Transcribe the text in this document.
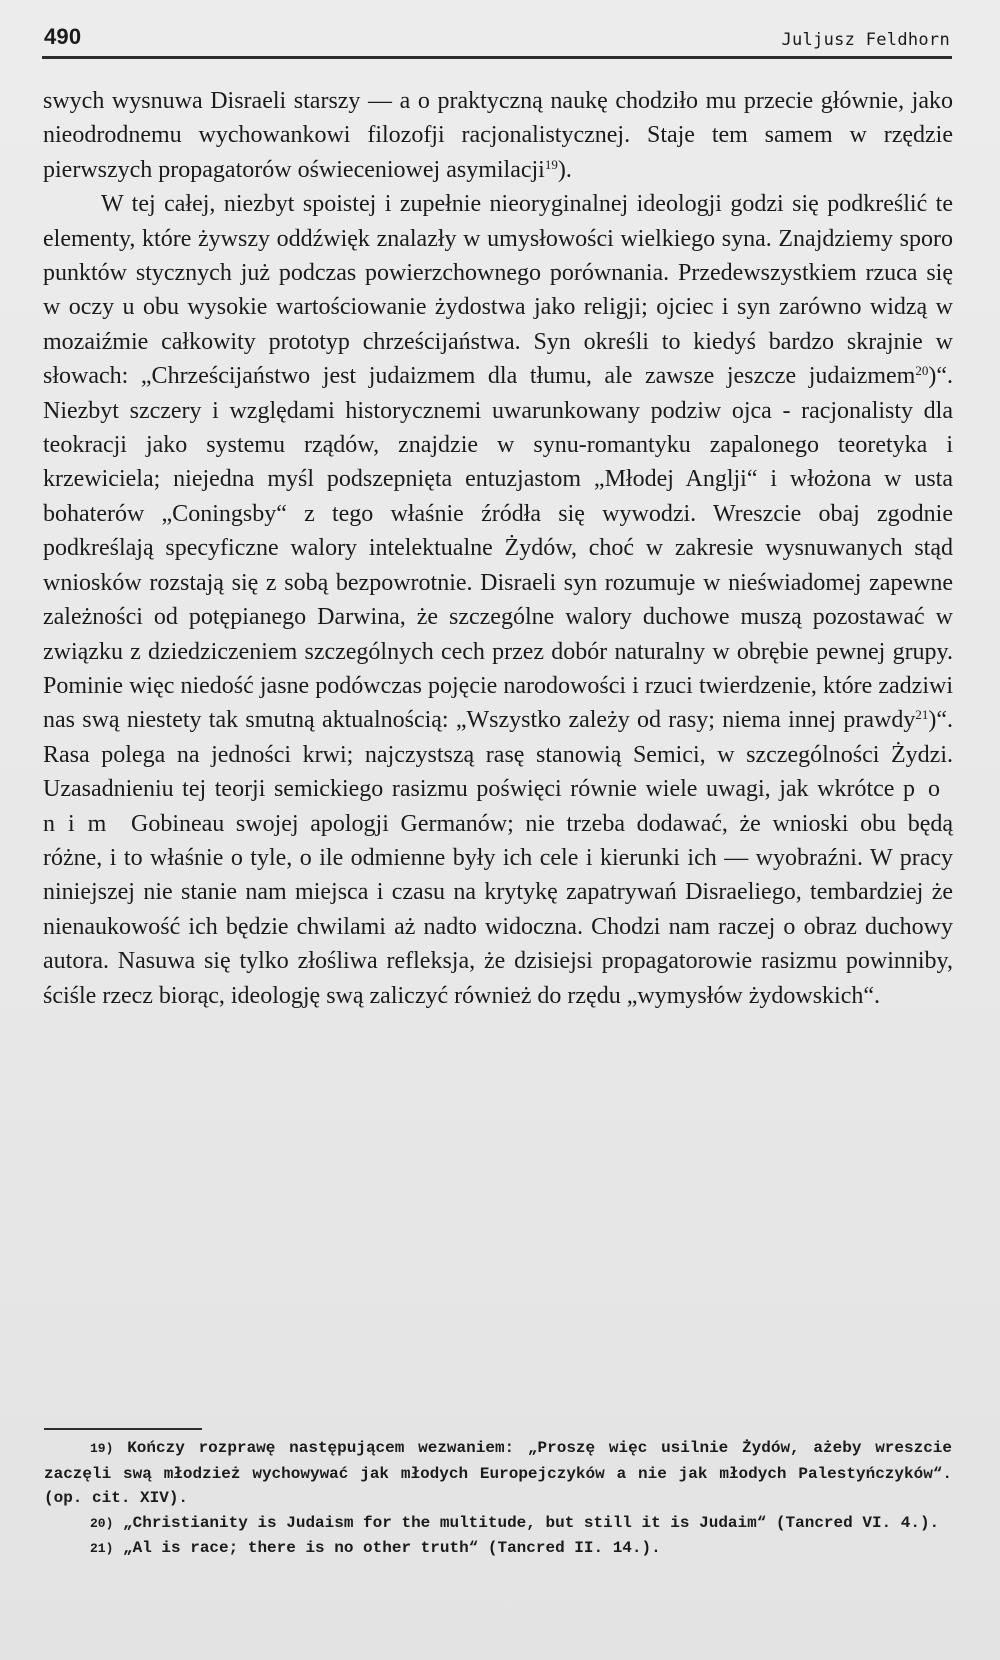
490	Juljusz Feldhorn

swych wysnuwa Disraeli starszy — a o praktyczną naukę chodziło mu przecie głównie, jako nieodrodnemu wychowankowi filozofji racjonalistycznej. Staje tem samem w rzędzie pierwszych propagatorów oświeceniowej asymilacji$^{19}$).

W tej całej, niezbyt spoistej i zupełnie nieoryginalnej ideologji godzi się podkreślić te elementy, które żywszy oddźwięk znalazły w umysłowości wielkiego syna. Znajdziemy sporo punktów stycznych już podczas powierzchownego porównania. Przedewszystkiem rzuca się w oczy u obu wysokie wartościowanie żydostwa jako religji; ojciec i syn zarówno widzą w mozaiźmie całkowity prototyp chrześcijaństwa. Syn określi to kiedyś bardzo skrajnie w słowach: „Chrześcijaństwo jest judaizmem dla tłumu, ale zawsze jeszcze judaizmem$^{20}$)“. Niezbyt szczery i względami historycznemi uwarunkowany podziw ojca - racjonalisty dla teokracji jako systemu rządów, znajdzie w synu-romantyku zapalonego teoretyka i krzewiciela; niejedna myśl podszepnięta entuzjastom „Młodej Anglji“ i włożona w usta bohaterów „Coningsby“ z tego właśnie źródła się wywodzi. Wreszcie obaj zgodnie podkreślają specyficzne walory intelektualne Żydów, choć w zakresie wysnuwanych stąd wniosków rozstają się z sobą bezpowrotnie. Disraeli syn rozumuje w nieświadomej zapewne zależności od potępianego Darwina, że szczególne walory duchowe muszą pozostawać w związku z dziedziczeniem szczególnych cech przez dobór naturalny w obrębie pewnej grupy. Pominie więc niedość jasne podówczas pojęcie narodowości i rzuci twierdzenie, które zadziwi nas swą niestety tak smutną aktualnością: „Wszystko zależy od rasy; niema innej prawdy$^{21}$)“. Rasa polega na jedności krwi; najczystszą rasę stanowią Semici, w szczególności Żydzi. Uzasadnieniu tej teorji semickiego rasizmu poświęci równie wiele uwagi, jak wkrótce po nim Gobineau swojej apologji Germanów; nie trzeba dodawać, że wnioski obu będą różne, i to właśnie o tyle, o ile odmienne były ich cele i kierunki ich — wyobraźni. W pracy niniejszej nie stanie nam miejsca i czasu na krytykę zapatrywań Disraeliego, tembardziej że nienaukowość ich będzie chwilami aż nadto widoczna. Chodzi nam raczej o obraz duchowy autora. Nasuwa się tylko złośliwa refleksja, że dzisiejsi propagatorowie rasizmu powinniby, ściśle rzecz biorąc, ideologję swą zaliczyć również do rzędu „wymysłów żydowskich“.

19) Kończy rozprawę następującem wezwaniem: „Proszę więc usilnie Żydów, ażeby wreszcie zaczęli swą młodzież wychowywać jak młodych Europejczyków a nie jak młodych Palestyńczyków“. (op. cit. XIV).

20) „Christianity is Judaism for the multitude, but still it is Judaim“ (Tancred VI. 4.).

21) „Al is race; there is no other truth“ (Tancred II. 14.).
